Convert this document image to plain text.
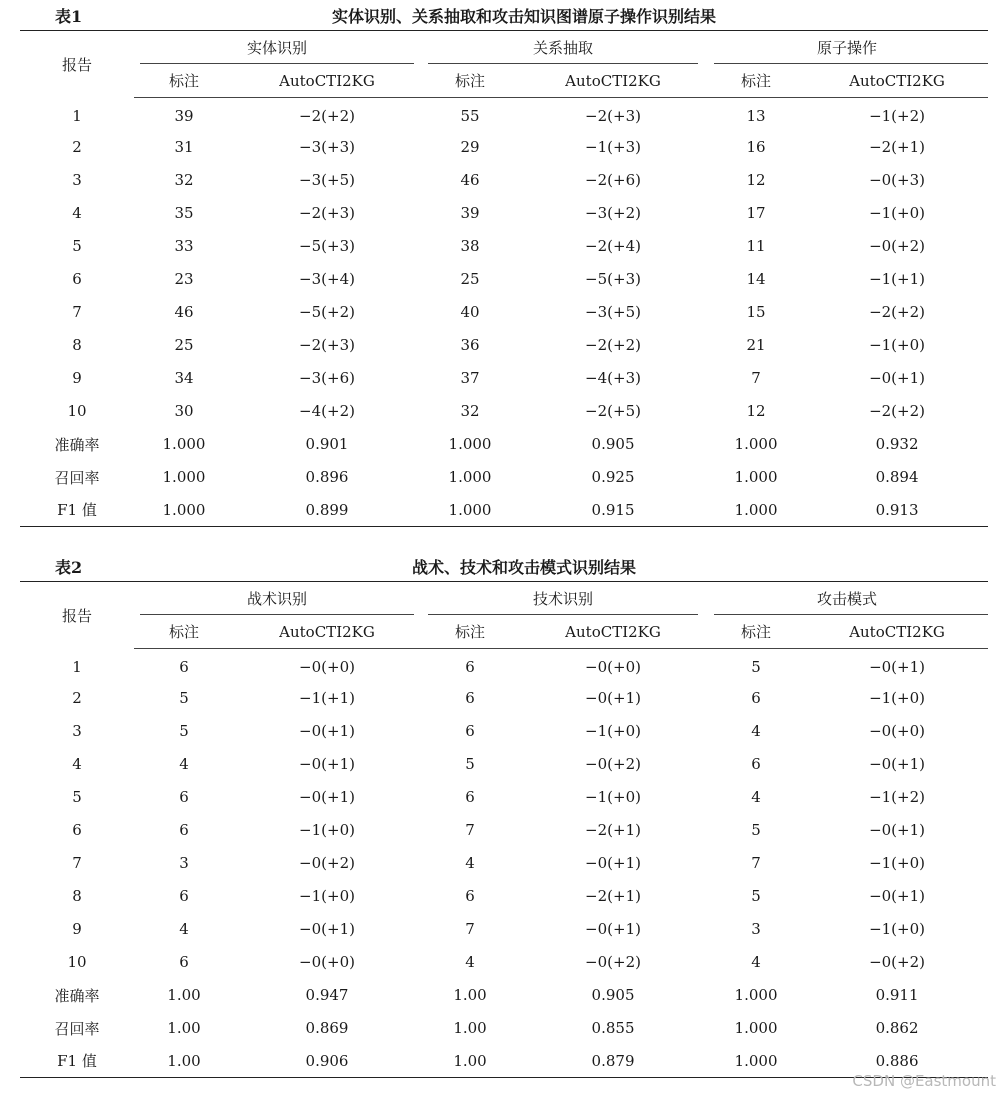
表1	实体识别、关系抽取和攻击知识图谱原子操作识别结果
报告	实体识别		关系抽取		原子操作	

	标注	AutoCTI2KG	标注	AutoCTI2KG	标注	AutoCTI2KG
1	39	−2(+2)	55	−2(+3)	13	−1(+2)
2	31	−3(+3)	29	−1(+3)	16	−2(+1)
3	32	−3(+5)	46	−2(+6)	12	−0(+3)
4	35	−2(+3)	39	−3(+2)	17	−1(+0)
5	33	−5(+3)	38	−2(+4)	11	−0(+2)
6	23	−3(+4)	25	−5(+3)	14	−1(+1)
7	46	−5(+2)	40	−3(+5)	15	−2(+2)
8	25	−2(+3)	36	−2(+2)	21	−1(+0)
9	34	−3(+6)	37	−4(+3)	7	−0(+1)
10	30	−4(+2)	32	−2(+5)	12	−2(+2)
准确率	1.000	0.901	1.000	0.905	1.000	0.932
召回率	1.000	0.896	1.000	0.925	1.000	0.894
F1 值	1.000	0.899	1.000	0.915	1.000	0.913
表2	战术、技术和攻击模式识别结果
报告	战术识别		技术识别		攻击模式	

	标注	AutoCTI2KG	标注	AutoCTI2KG	标注	AutoCTI2KG
1	6	−0(+0)	6	−0(+0)	5	−0(+1)
2	5	−1(+1)	6	−0(+1)	6	−1(+0)
3	5	−0(+1)	6	−1(+0)	4	−0(+0)
4	4	−0(+1)	5	−0(+2)	6	−0(+1)
5	6	−0(+1)	6	−1(+0)	4	−1(+2)
6	6	−1(+0)	7	−2(+1)	5	−0(+1)
7	3	−0(+2)	4	−0(+1)	7	−1(+0)
8	6	−1(+0)	6	−2(+1)	5	−0(+1)
9	4	−0(+1)	7	−0(+1)	3	−1(+0)
10	6	−0(+0)	4	−0(+2)	4	−0(+2)
准确率	1.00	0.947	1.00	0.905	1.000	0.911
召回率	1.00	0.869	1.00	0.855	1.000	0.862
F1 值	1.00	0.906	1.00	0.879	1.000	0.886
CSDN @Eastmount
